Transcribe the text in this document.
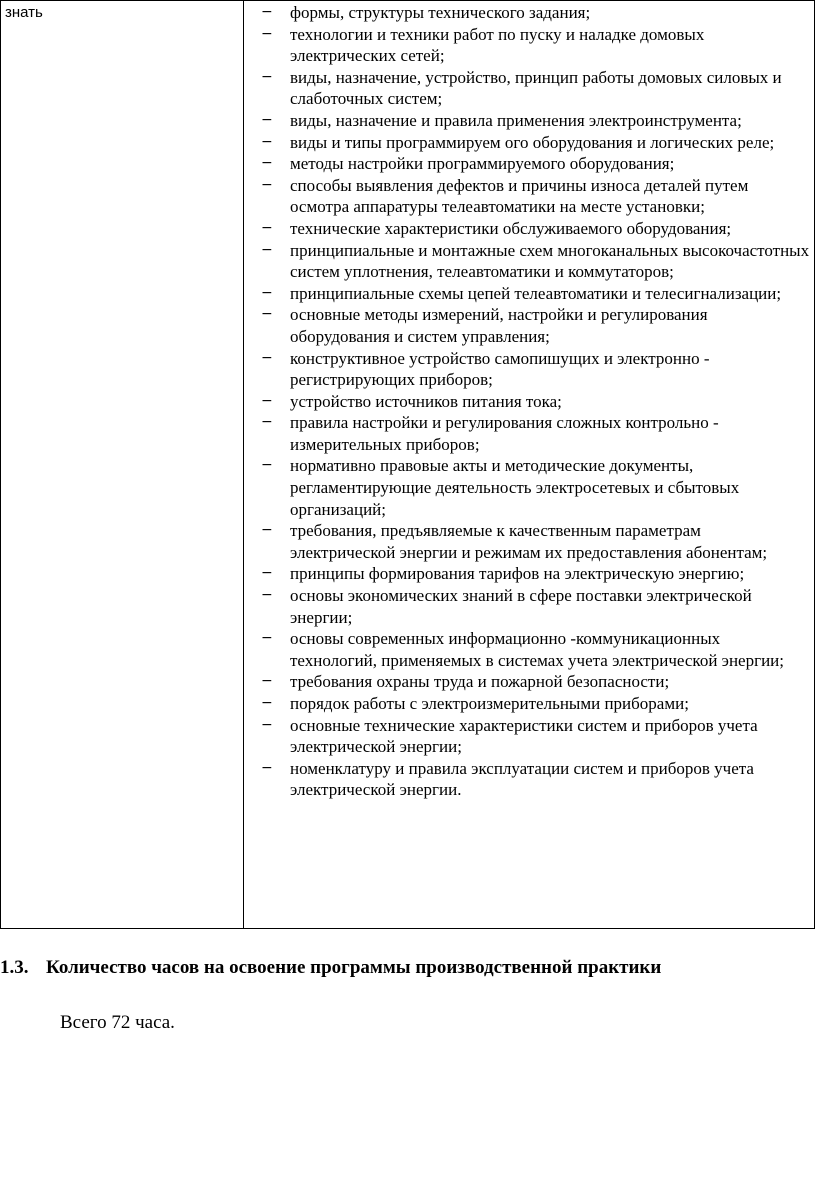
знать	− формы, структуры технического задания;
− технологии и техники работ по пуску и наладке домовых электрических сетей;
− виды, назначение, устройство, принцип работы домовых силовых и слаботочных систем;
− виды, назначение и правила применения электроинструмента;
− виды и типы программируем ого оборудования и логических реле;
− методы настройки программируемого оборудования;
− способы выявления дефектов и причины износа деталей путем осмотра аппаратуры телеавтоматики на месте установки;
− технические характеристики обслуживаемого оборудования;
− принципиальные и монтажные схем многоканальных высокочастотных систем уплотнения, телеавтоматики и коммутаторов;
− принципиальные схемы цепей телеавтоматики и телесигнализации;
− основные методы измерений, настройки и регулирования оборудования и систем управления;
− конструктивное устройство самопишущих и электронно - регистрирующих приборов;
− устройство источников питания тока;
− правила настройки и регулирования сложных контрольно - измерительных приборов;
− нормативно правовые акты и методические документы, регламентирующие деятельность электросетевых и сбытовых организаций;
− требования, предъявляемые к качественным параметрам электрической энергии и режимам их предоставления абонентам;
− принципы формирования тарифов на электрическую энергию;
− основы экономических знаний в сфере поставки электрической энергии;
− основы современных информационно -коммуникационных технологий, применяемых в системах учета электрической энергии;
− требования охраны труда и пожарной безопасности;
− порядок работы с электроизмерительными приборами;
− основные технические характеристики систем и приборов учета электрической энергии;
− номенклатуру и правила эксплуатации систем и приборов учета электрической энергии.
1.3. Количество часов на освоение программы производственной практики

Всего 72 часа.
